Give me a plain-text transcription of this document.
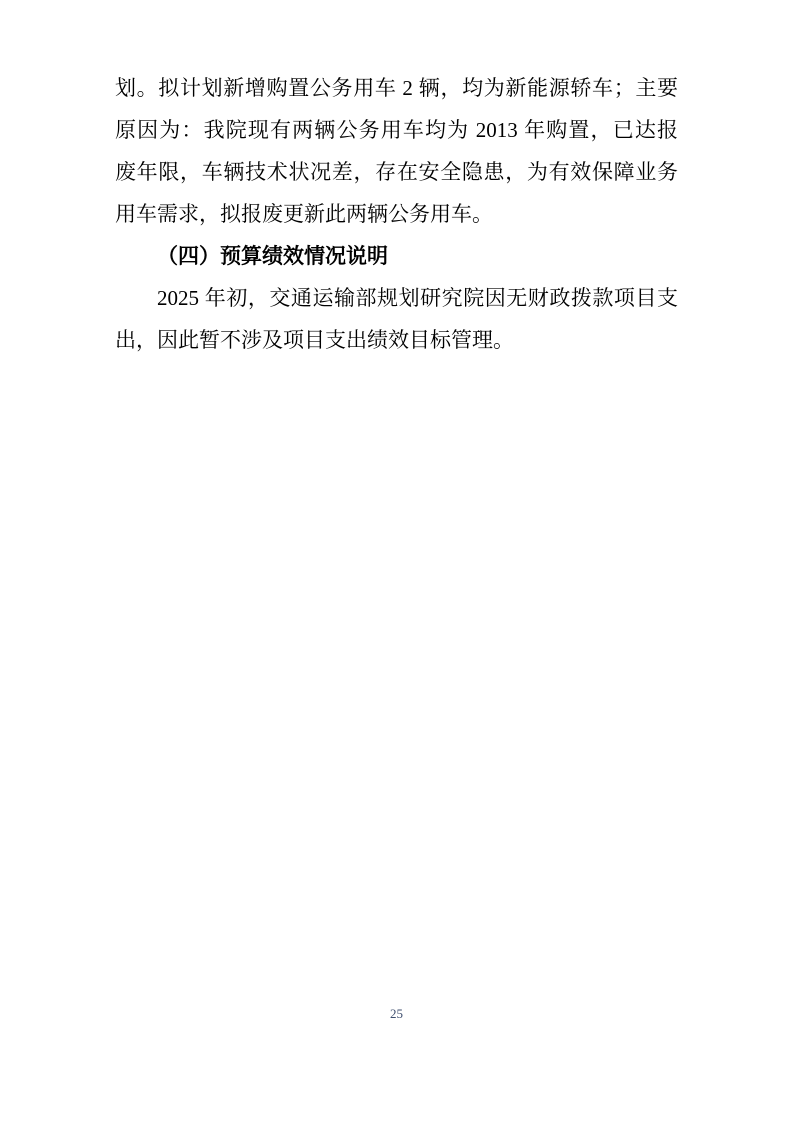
划。拟计划新增购置公务用车 2 辆，均为新能源轿车；主要
原因为：我院现有两辆公务用车均为 2013 年购置，已达报
废年限，车辆技术状况差，存在安全隐患，为有效保障业务
用车需求，拟报废更新此两辆公务用车。
（四）预算绩效情况说明
2025 年初，交通运输部规划研究院因无财政拨款项目支
出，因此暂不涉及项目支出绩效目标管理。
25
